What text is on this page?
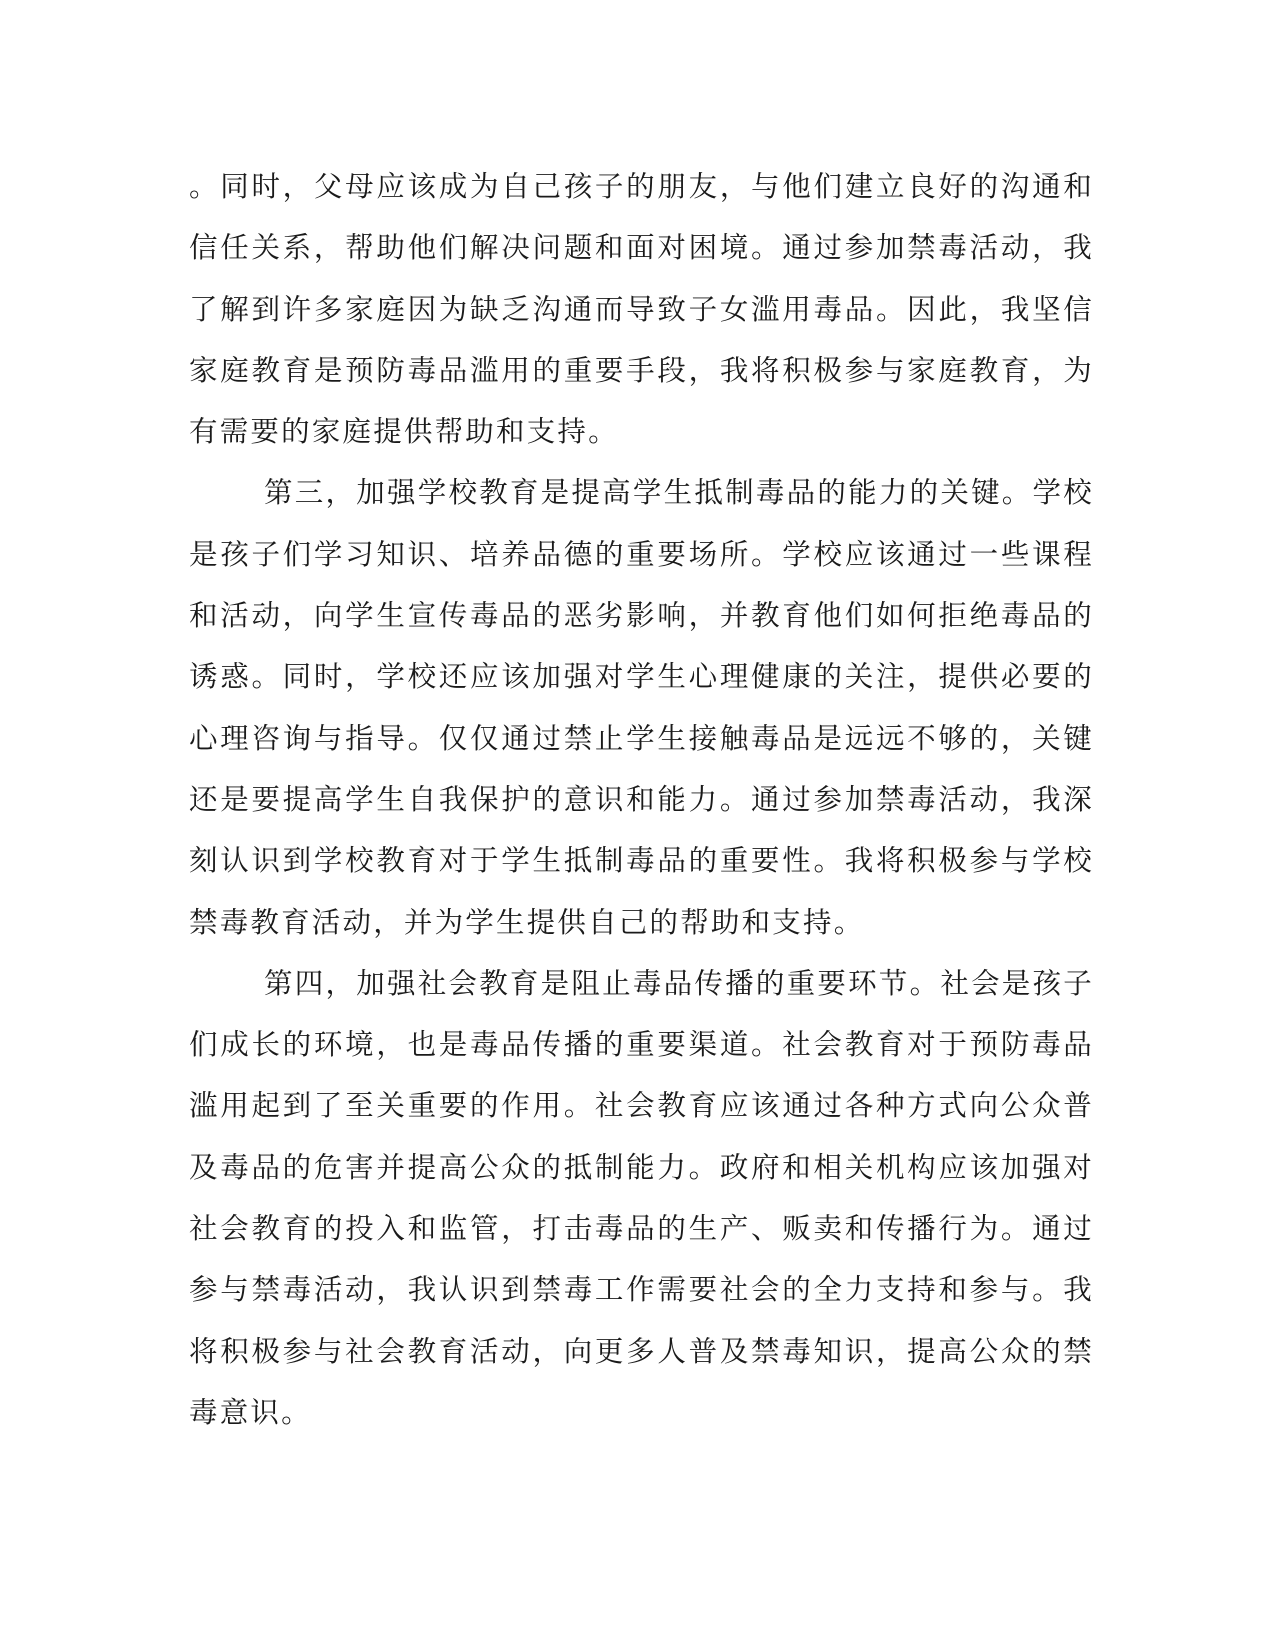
。同时，父母应该成为自己孩子的朋友，与他们建立良好的沟通和信任关系，帮助他们解决问题和面对困境。通过参加禁毒活动，我了解到许多家庭因为缺乏沟通而导致子女滥用毒品。因此，我坚信家庭教育是预防毒品滥用的重要手段，我将积极参与家庭教育，为有需要的家庭提供帮助和支持。

第三，加强学校教育是提高学生抵制毒品的能力的关键。学校是孩子们学习知识、培养品德的重要场所。学校应该通过一些课程和活动，向学生宣传毒品的恶劣影响，并教育他们如何拒绝毒品的诱惑。同时，学校还应该加强对学生心理健康的关注，提供必要的心理咨询与指导。仅仅通过禁止学生接触毒品是远远不够的，关键还是要提高学生自我保护的意识和能力。通过参加禁毒活动，我深刻认识到学校教育对于学生抵制毒品的重要性。我将积极参与学校禁毒教育活动，并为学生提供自己的帮助和支持。

第四，加强社会教育是阻止毒品传播的重要环节。社会是孩子们成长的环境，也是毒品传播的重要渠道。社会教育对于预防毒品滥用起到了至关重要的作用。社会教育应该通过各种方式向公众普及毒品的危害并提高公众的抵制能力。政府和相关机构应该加强对社会教育的投入和监管，打击毒品的生产、贩卖和传播行为。通过参与禁毒活动，我认识到禁毒工作需要社会的全力支持和参与。我将积极参与社会教育活动，向更多人普及禁毒知识，提高公众的禁毒意识。
